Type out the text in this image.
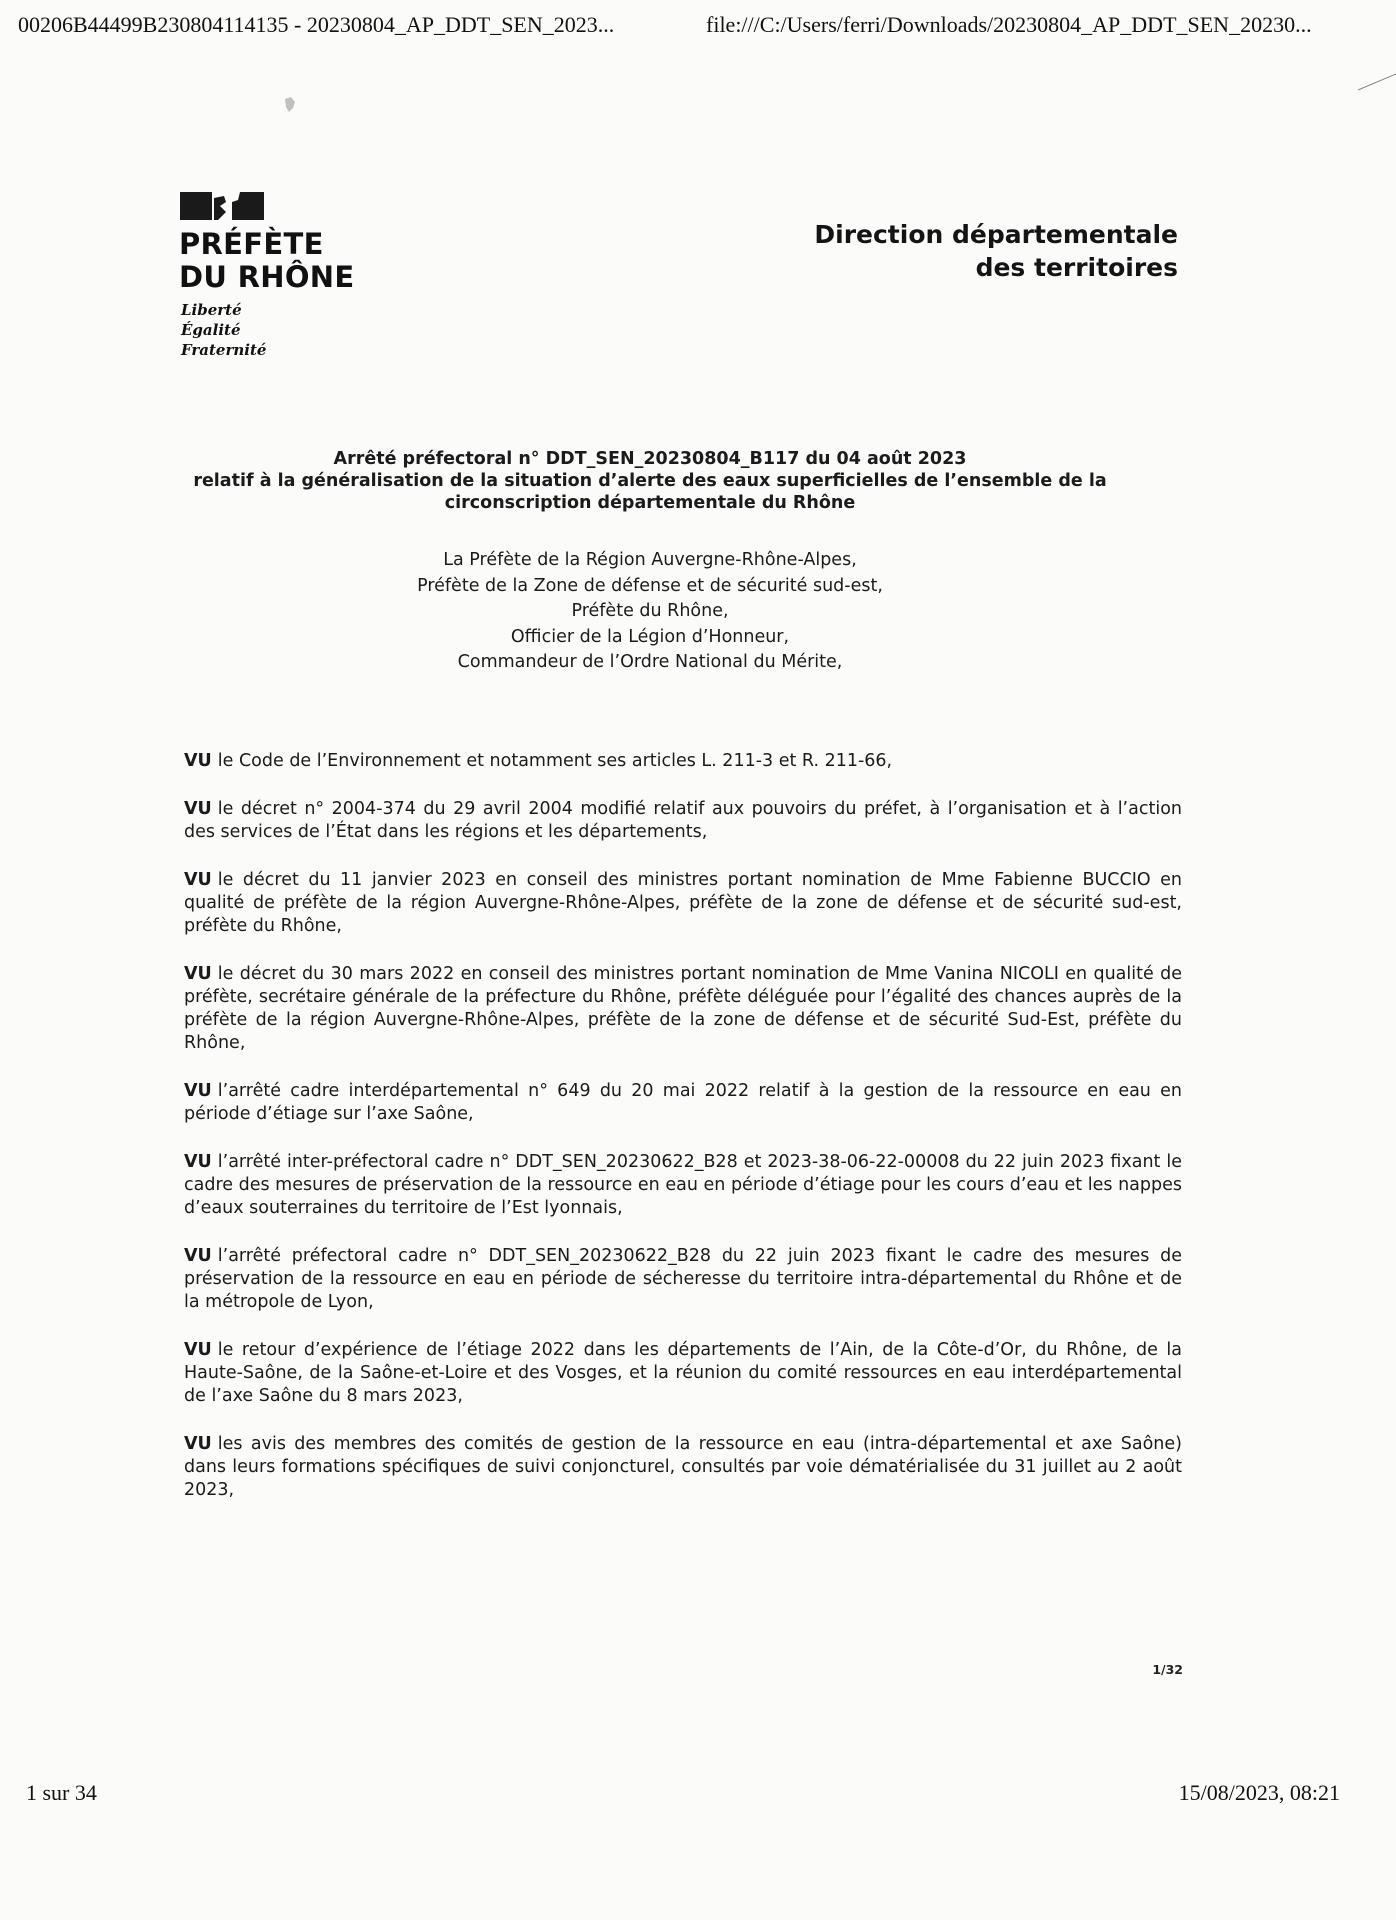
00206B44499B230804114135 - 20230804_AP_DDT_SEN_2023...	file:///C:/Users/ferri/Downloads/20230804_AP_DDT_SEN_20230...
PRÉFÈTE
DU RHÔNE
Liberté
Égalité
Fraternité
Direction départementale
des territoires
Arrêté préfectoral n° DDT_SEN_20230804_B117 du 04 août 2023
relatif à la généralisation de la situation d’alerte des eaux superficielles de l’ensemble de la
circonscription départementale du Rhône
La Préfète de la Région Auvergne-Rhône-Alpes,
Préfète de la Zone de défense et de sécurité sud-est,
Préfète du Rhône,
Officier de la Légion d’Honneur,
Commandeur de l’Ordre National du Mérite,

VU le Code de l’Environnement et notamment ses articles L. 211-3 et R. 211-66,

VU le décret n° 2004-374 du 29 avril 2004 modifié relatif aux pouvoirs du préfet, à l’organisation et à l’action des services de l’État dans les régions et les départements,

VU le décret du 11 janvier 2023 en conseil des ministres portant nomination de Mme Fabienne BUCCIO en qualité de préfète de la région Auvergne-Rhône-Alpes, préfète de la zone de défense et de sécurité sud-est, préfète du Rhône,

VU le décret du 30 mars 2022 en conseil des ministres portant nomination de Mme Vanina NICOLI en qualité de préfète, secrétaire générale de la préfecture du Rhône, préfète déléguée pour l’égalité des chances auprès de la préfète de la région Auvergne-Rhône-Alpes, préfète de la zone de défense et de sécurité Sud-Est, préfète du Rhône,

VU l’arrêté cadre interdépartemental n° 649 du 20 mai 2022 relatif à la gestion de la ressource en eau en période d’étiage sur l’axe Saône,

VU l’arrêté inter-préfectoral cadre n° DDT_SEN_20230622_B28 et 2023-38-06-22-00008 du 22 juin 2023 fixant le cadre des mesures de préservation de la ressource en eau en période d’étiage pour les cours d’eau et les nappes d’eaux souterraines du territoire de l’Est lyonnais,

VU l’arrêté préfectoral cadre n° DDT_SEN_20230622_B28 du 22 juin 2023 fixant le cadre des mesures de préservation de la ressource en eau en période de sécheresse du territoire intra-départemental du Rhône et de la métropole de Lyon,

VU le retour d’expérience de l’étiage 2022 dans les départements de l’Ain, de la Côte-d’Or, du Rhône, de la Haute-Saône, de la Saône-et-Loire et des Vosges, et la réunion du comité ressources en eau interdépartemental de l’axe Saône du 8 mars 2023,

VU les avis des membres des comités de gestion de la ressource en eau (intra-départemental et axe Saône) dans leurs formations spécifiques de suivi conjoncturel, consultés par voie dématérialisée du 31 juillet au 2 août 2023,

1/32
1 sur 34	15/08/2023, 08:21
